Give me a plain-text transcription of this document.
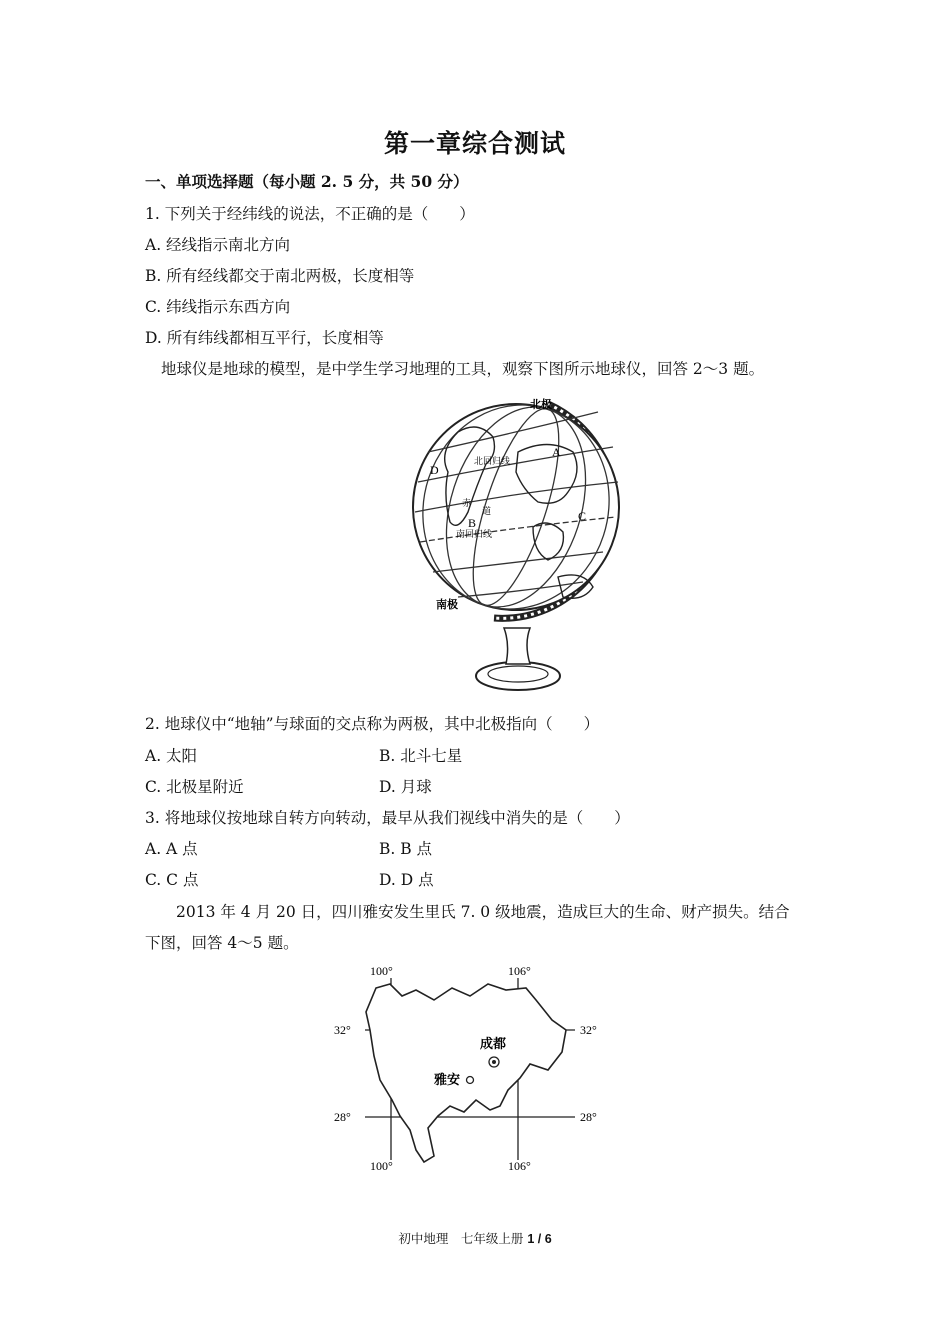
第一章综合测试
一、单项选择题（每小题 2. 5 分，共 50 分）
1. 下列关于经纬线的说法，不正确的是（　　）
A. 经线指示南北方向
B. 所有经线都交于南北两极，长度相等
C. 纬线指示东西方向
D. 所有纬线都相互平行，长度相等
地球仪是地球的模型，是中学生学习地理的工具，观察下图所示地球仪，回答 2～3 题。
北极
南极
北回归线
赤
道
南回归线
A
B	C
D
2. 地球仪中“地轴”与球面的交点称为两极，其中北极指向（　　）
A. 太阳	B. 北斗七星
C. 北极星附近	D. 月球
3. 将地球仪按地球自转方向转动，最早从我们视线中消失的是（　　）
A. A 点	B. B 点
C. C 点	D. D 点
2013 年 4 月 20 日，四川雅安发生里氏 7. 0 级地震，造成巨大的生命、财产损失。结合
下图，回答 4～5 题。
100°	106°
32°	32°
28°	28°
100°	106°
成都
雅安
初中地理　七年级上册 1 / 6
